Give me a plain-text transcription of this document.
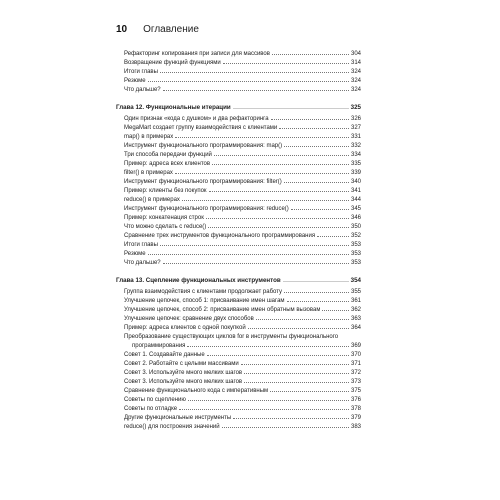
10 Оглавление
Рефакторинг копирования при записи для массивов	304
Возвращение функций функциями	314
Итоги главы	324
Резюме	324
Что дальше?	324
Глава 12. Функциональные итерации	325
Один признак «кода с душком» и два рефакторинга	326
MegaMart создает группу взаимодействия с клиентами	327
map() в примерах	331
Инструмент функционального программирования: map()	332
Три способа передачи функций	334
Пример: адреса всех клиентов	335
filter() в примерах	339
Инструмент функционального программирования: filter()	340
Пример: клиенты без покупок	341
reduce() в примерах	344
Инструмент функционального программирования: reduce()	345
Пример: конкатенация строк	346
Что можно сделать с reduce()	350
Сравнение трех инструментов функционального программирования	352
Итоги главы	353
Резюме	353
Что дальше?	353
Глава 13. Сцепление функциональных инструментов	354
Группа взаимодействия с клиентами продолжает работу	355
Улучшение цепочек, способ 1: присваивание имен шагам	361
Улучшение цепочек, способ 2: присваивание имен обратным вызовам	362
Улучшение цепочек: сравнение двух способов	363
Пример: адреса клиентов с одной покупкой	364
Преобразование существующих циклов for в инструменты функционального
программирования	369
Совет 1. Создавайте данные	370
Совет 2. Работайте с целыми массивами	371
Совет 3. Используйте много мелких шагов	372
Совет 3. Используйте много мелких шагов	373
Сравнение функционального кода с императивным	375
Советы по сцеплению	376
Советы по отладке	378
Другие функциональные инструменты	379
reduce() для построения значений	383
